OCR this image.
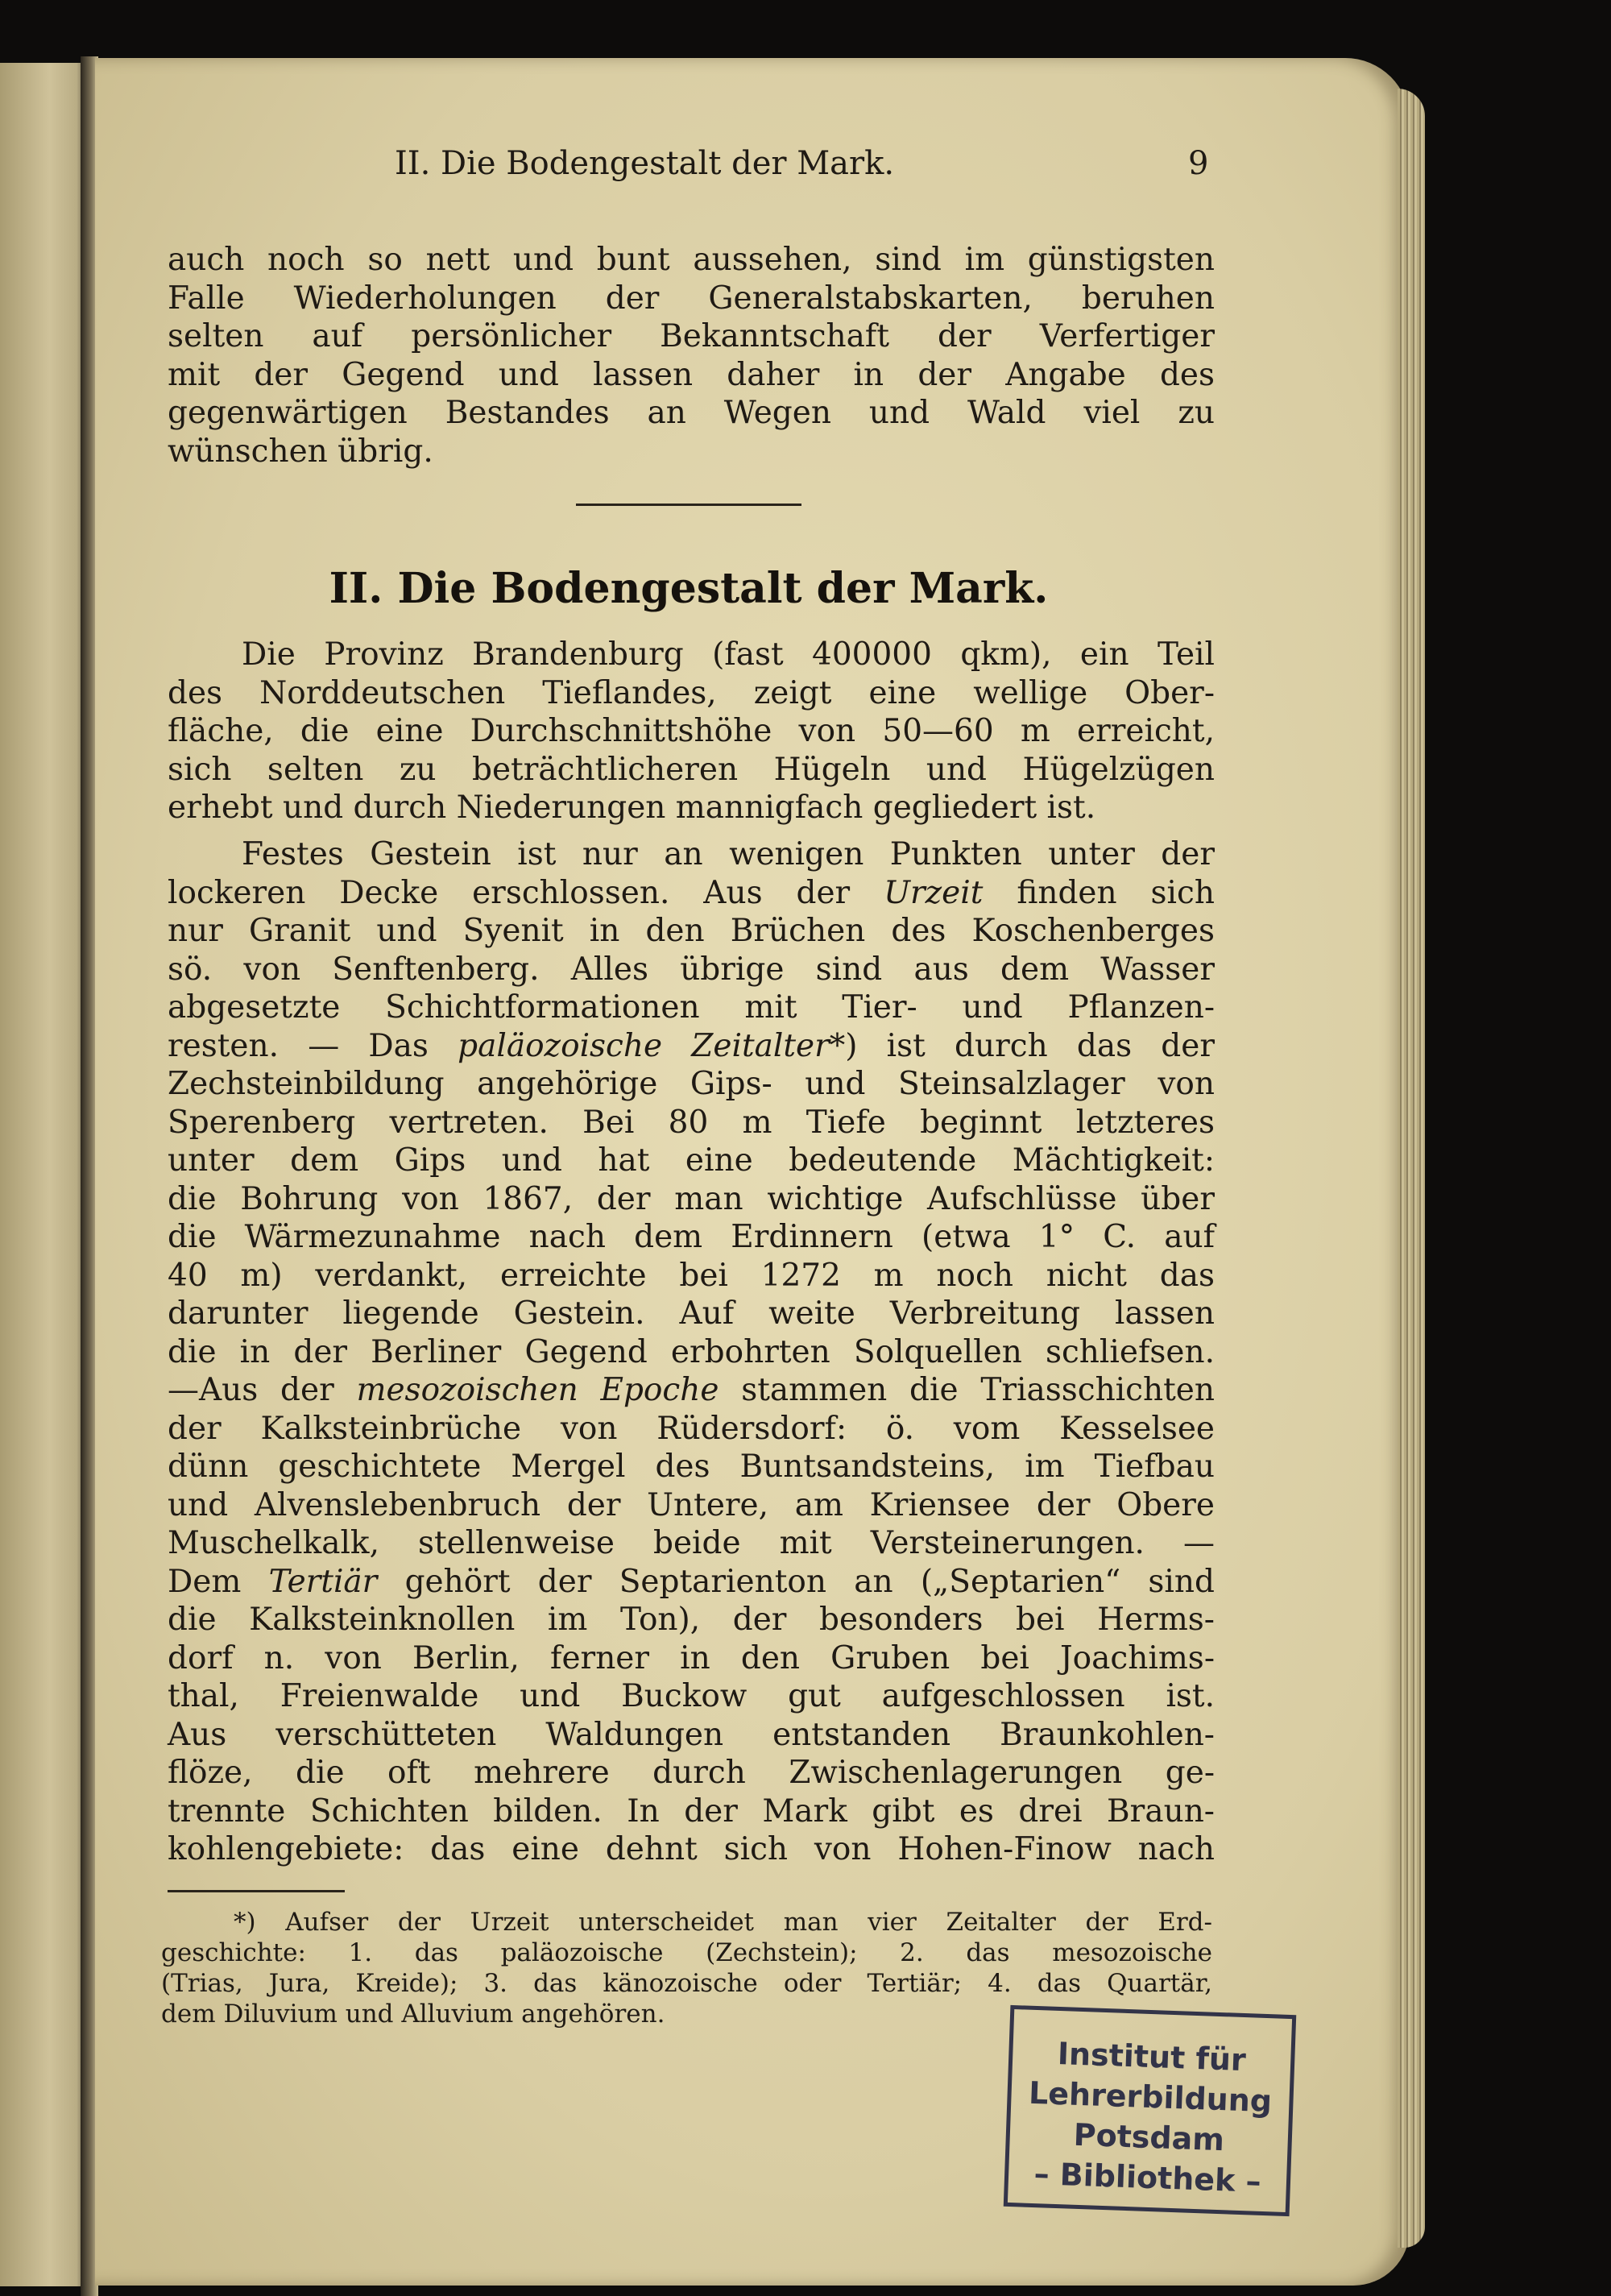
II. Die Bodengestalt der Mark.	9
auch noch so nett und bunt aussehen, sind im günstigsten
Falle Wiederholungen der Generalstabskarten, beruhen
selten auf persönlicher Bekanntschaft der Verfertiger
mit der Gegend und lassen daher in der Angabe des
gegenwärtigen Bestandes an Wegen und Wald viel zu
wünschen übrig.
II. Die Bodengestalt der Mark.
Die Provinz Brandenburg (fast 400000 qkm), ein Teil
des Norddeutschen Tieflandes, zeigt eine wellige Ober-
fläche, die eine Durchschnittshöhe von 50—60 m erreicht,
sich selten zu beträchtlicheren Hügeln und Hügelzügen
erhebt und durch Niederungen mannigfach gegliedert ist.
Festes Gestein ist nur an wenigen Punkten unter der
lockeren Decke erschlossen. Aus der Urzeit finden sich
nur Granit und Syenit in den Brüchen des Koschenberges
sö. von Senftenberg. Alles übrige sind aus dem Wasser
abgesetzte Schichtformationen mit Tier- und Pflanzen-
resten. — Das paläozoische Zeitalter*) ist durch das der
Zechsteinbildung angehörige Gips- und Steinsalzlager von
Sperenberg vertreten. Bei 80 m Tiefe beginnt letzteres
unter dem Gips und hat eine bedeutende Mächtigkeit:
die Bohrung von 1867, der man wichtige Aufschlüsse über
die Wärmezunahme nach dem Erdinnern (etwa 1° C. auf
40 m) verdankt, erreichte bei 1272 m noch nicht das
darunter liegende Gestein. Auf weite Verbreitung lassen
die in der Berliner Gegend erbohrten Solquellen schliefsen.
—Aus der mesozoischen Epoche stammen die Triasschichten
der Kalksteinbrüche von Rüdersdorf: ö. vom Kesselsee
dünn geschichtete Mergel des Buntsandsteins, im Tiefbau
und Alvenslebenbruch der Untere, am Kriensee der Obere
Muschelkalk, stellenweise beide mit Versteinerungen. —
Dem Tertiär gehört der Septarienton an („Septarien“ sind
die Kalksteinknollen im Ton), der besonders bei Herms-
dorf n. von Berlin, ferner in den Gruben bei Joachims-
thal, Freienwalde und Buckow gut aufgeschlossen ist.
Aus verschütteten Waldungen entstanden Braunkohlen-
flöze, die oft mehrere durch Zwischenlagerungen ge-
trennte Schichten bilden. In der Mark gibt es drei Braun-
kohlengebiete: das eine dehnt sich von Hohen-Finow nach
*) Aufser der Urzeit unterscheidet man vier Zeitalter der Erd-
geschichte: 1. das paläozoische (Zechstein); 2. das mesozoische
(Trias, Jura, Kreide); 3. das känozoische oder Tertiär; 4. das Quartär,
dem Diluvium und Alluvium angehören.
Institut für
Lehrerbildung
Potsdam
– Bibliothek –
